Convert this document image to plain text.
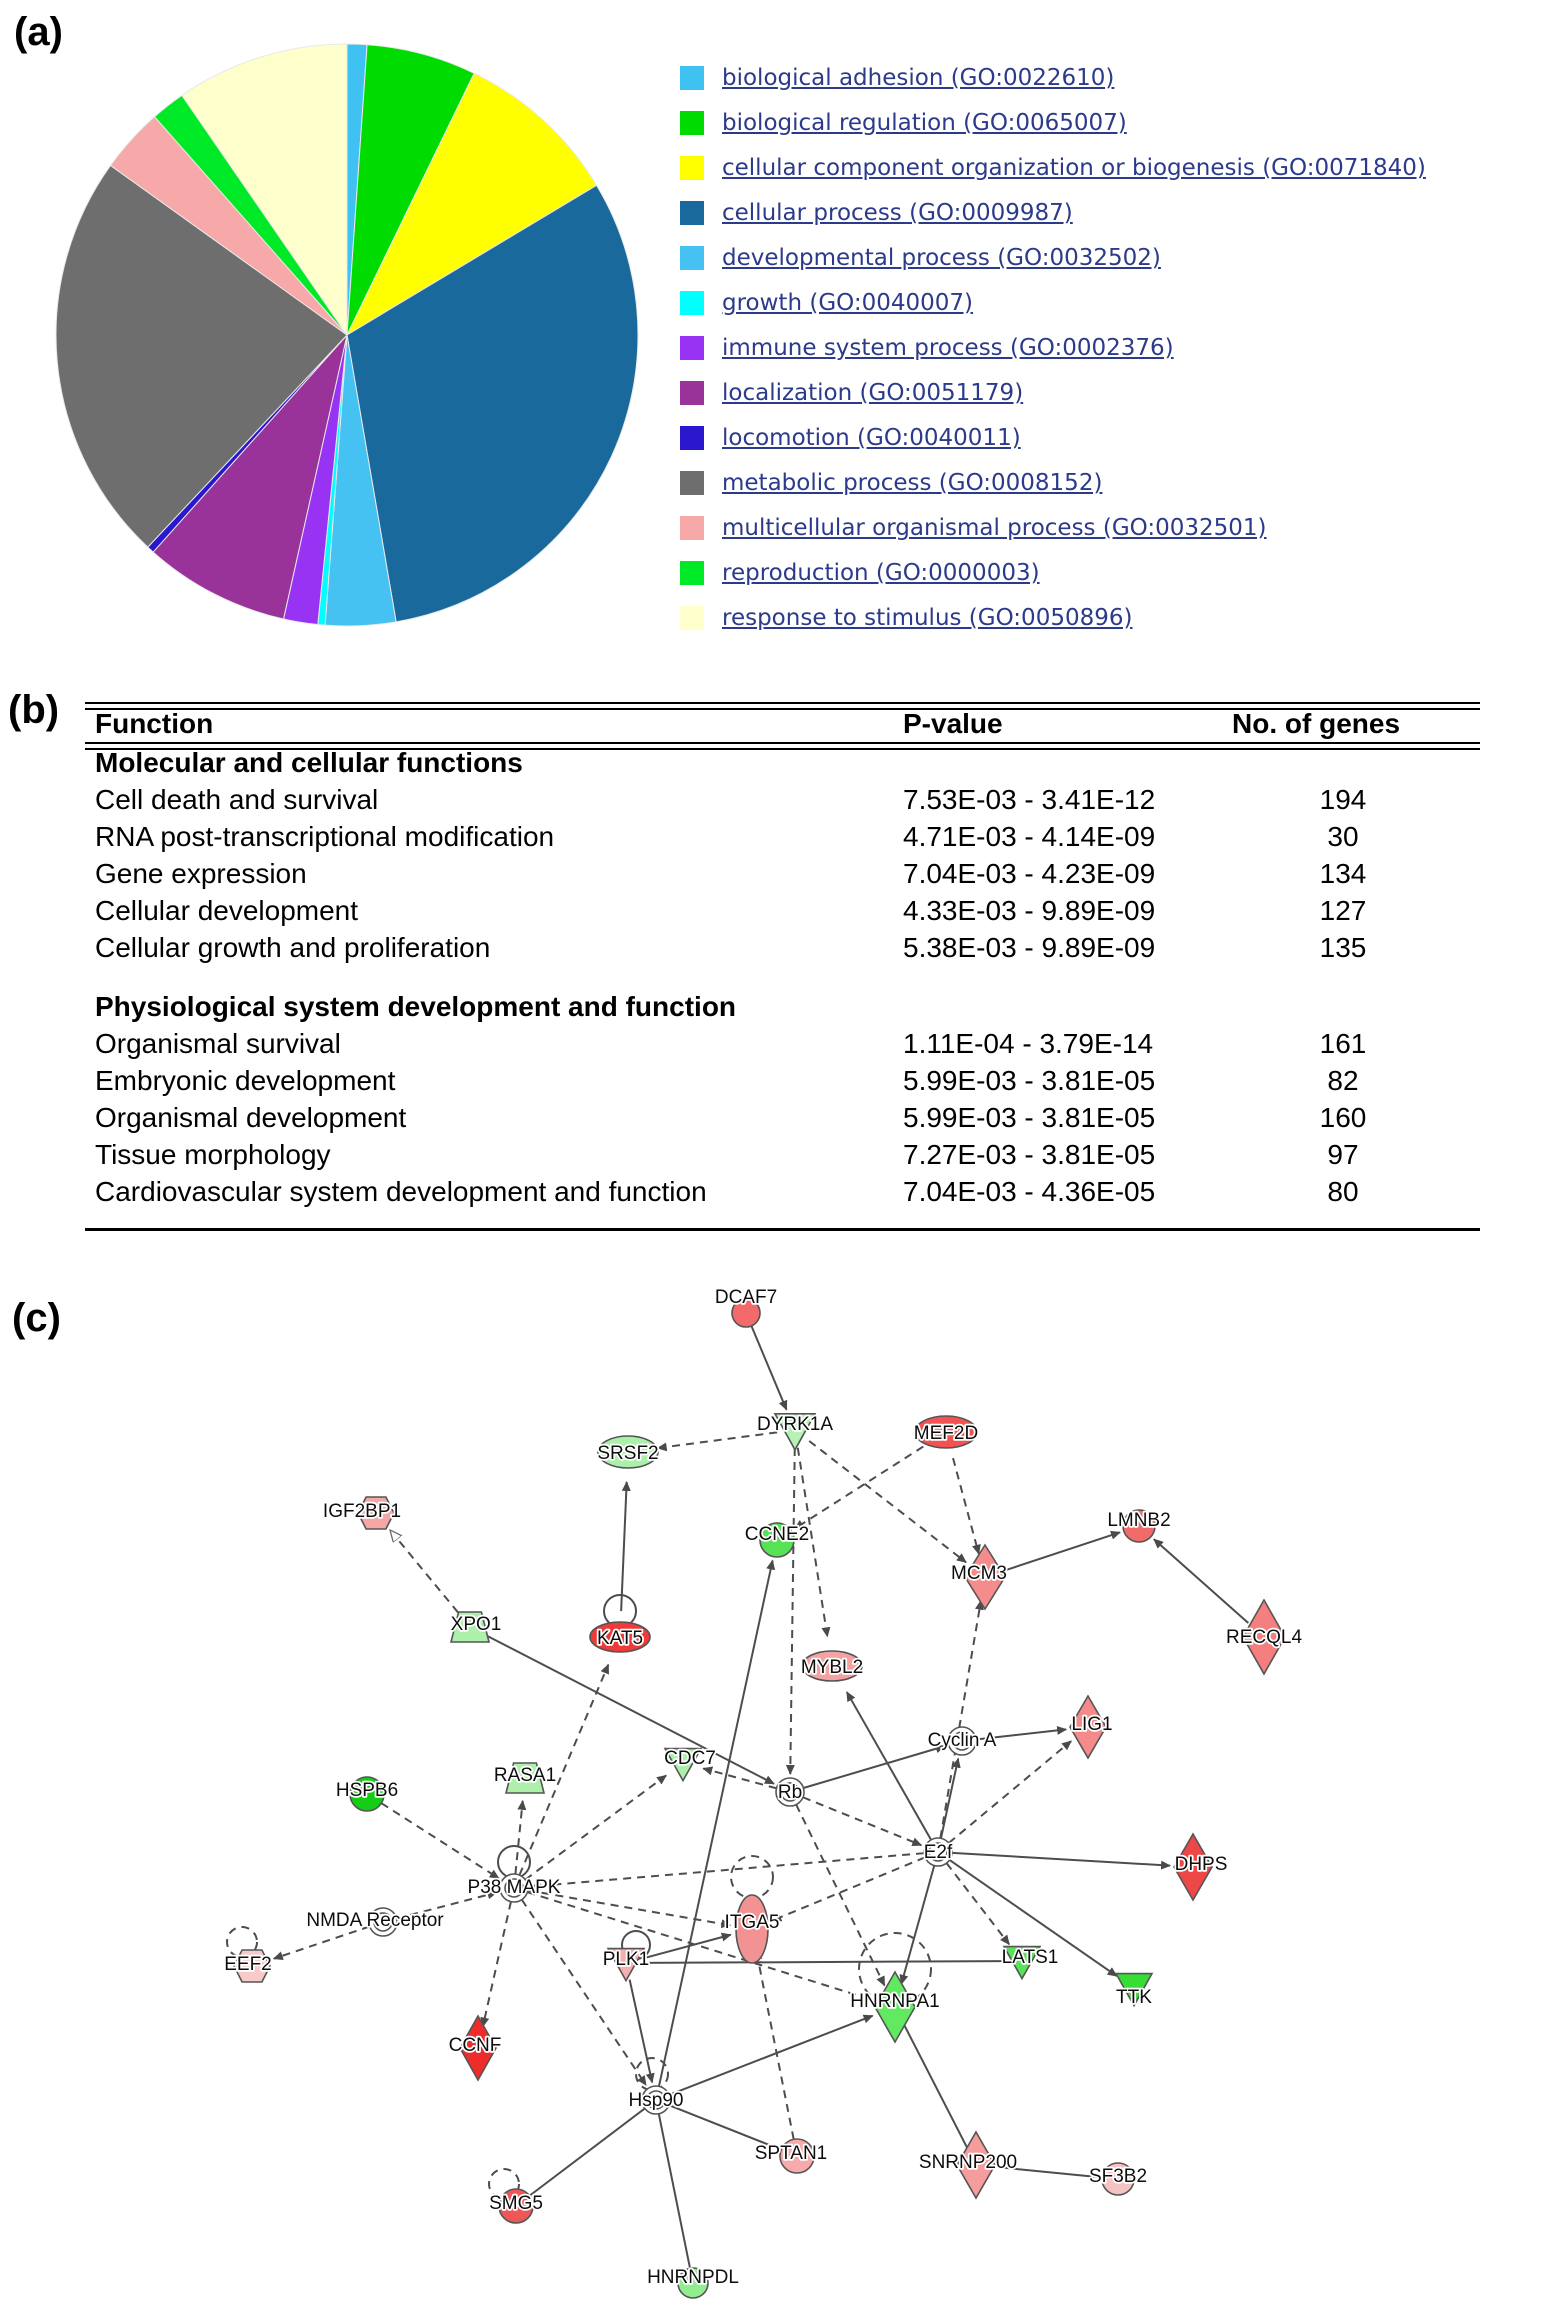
(a)
(b)
(c)
biological adhesion (GO:0022610)
biological regulation (GO:0065007)
cellular component organization or biogenesis (GO:0071840)
cellular process (GO:0009987)
developmental process (GO:0032502)
growth (GO:0040007)
immune system process (GO:0002376)
localization (GO:0051179)
locomotion (GO:0040011)
metabolic process (GO:0008152)
multicellular organismal process (GO:0032501)
reproduction (GO:0000003)
response to stimulus (GO:0050896)
Function	P-value	No. of genes
Molecular and cellular functions
Cell death and survival	7.53E-03 - 3.41E-12	194
RNA post-transcriptional modification	4.71E-03 - 4.14E-09	30
Gene expression	7.04E-03 - 4.23E-09	134
Cellular development	4.33E-03 - 9.89E-09	127
Cellular growth and proliferation	5.38E-03 - 9.89E-09	135
Physiological system development and function
Organismal survival	1.11E-04 - 3.79E-14	161
Embryonic development	5.99E-03 - 3.81E-05	82
Organismal development	5.99E-03 - 3.81E-05	160
Tissue morphology	7.27E-03 - 3.81E-05	97
Cardiovascular system development and function	7.04E-03 - 4.36E-05	80
DCAF7
DYRK1A	MEF2D
SRSF2
CCNE2
MCM3
LMNB2
RECQL4
IGF2BP1
XPO1
KAT5
CDC7
RASA1
HSPB6
MYBL2
Cyclin A
Rb
E2f
DHPS
LIG1
P38 MAPK
NMDA Receptor
EEF2
CCNF
PLK1
ITGA5
HNRNPA1
LATS1
TTK
Hsp90
SMG5
SPTAN1
HNRNPDL
SNRNP200
SF3B2
